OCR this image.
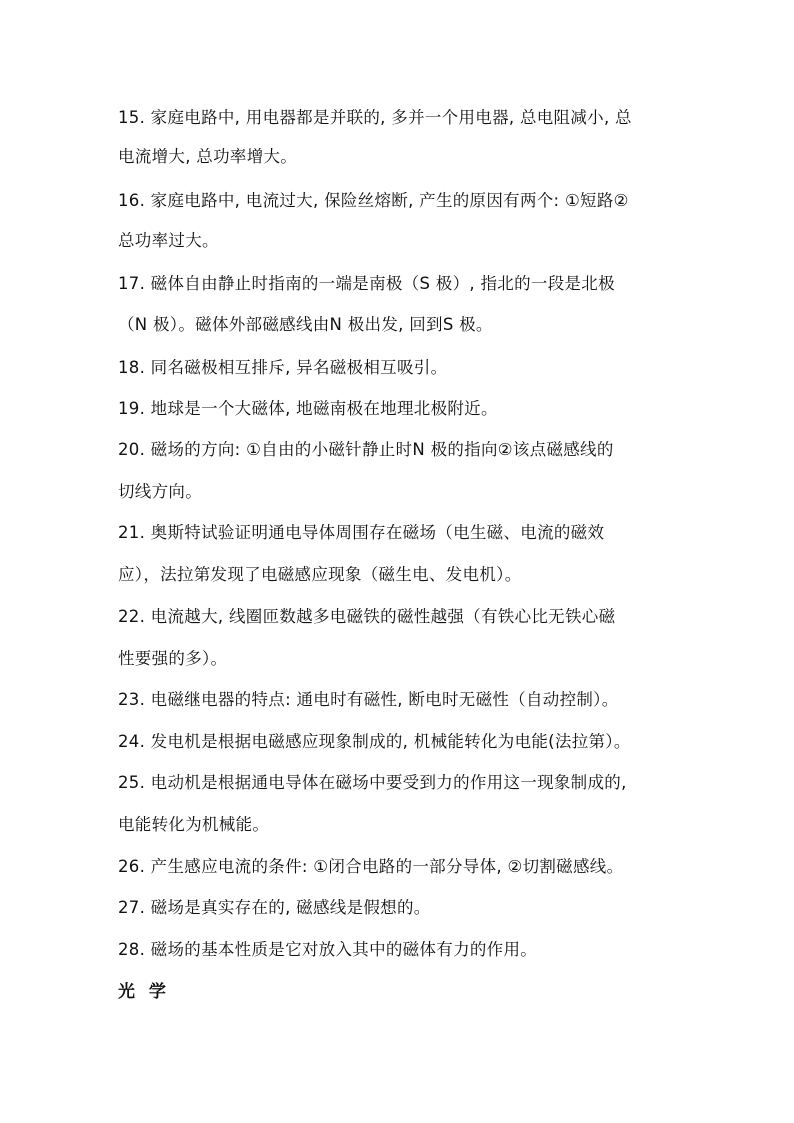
15. 家庭电路中, 用电器都是并联的, 多并一个用电器, 总电阻减小, 总
电流增大, 总功率增大。
16. 家庭电路中, 电流过大, 保险丝熔断, 产生的原因有两个: ①短路②
总功率过大。
17. 磁体自由静止时指南的一端是南极（S 极）, 指北的一段是北极
（N 极）。磁体外部磁感线由N 极出发, 回到S 极。
18. 同名磁极相互排斥, 异名磁极相互吸引。
19. 地球是一个大磁体, 地磁南极在地理北极附近。
20. 磁场的方向: ①自由的小磁针静止时N 极的指向②该点磁感线的
切线方向。
21. 奥斯特试验证明通电导体周围存在磁场（电生磁、电流的磁效
应），法拉第发现了电磁感应现象（磁生电、发电机）。
22. 电流越大, 线圈匝数越多电磁铁的磁性越强（有铁心比无铁心磁
性要强的多）。
23. 电磁继电器的特点: 通电时有磁性, 断电时无磁性（自动控制）。
24. 发电机是根据电磁感应现象制成的, 机械能转化为电能(法拉第）。
25. 电动机是根据通电导体在磁场中要受到力的作用这一现象制成的,
电能转化为机械能。
26. 产生感应电流的条件: ①闭合电路的一部分导体, ②切割磁感线。
27. 磁场是真实存在的, 磁感线是假想的。
28. 磁场的基本性质是它对放入其中的磁体有力的作用。
光 学
